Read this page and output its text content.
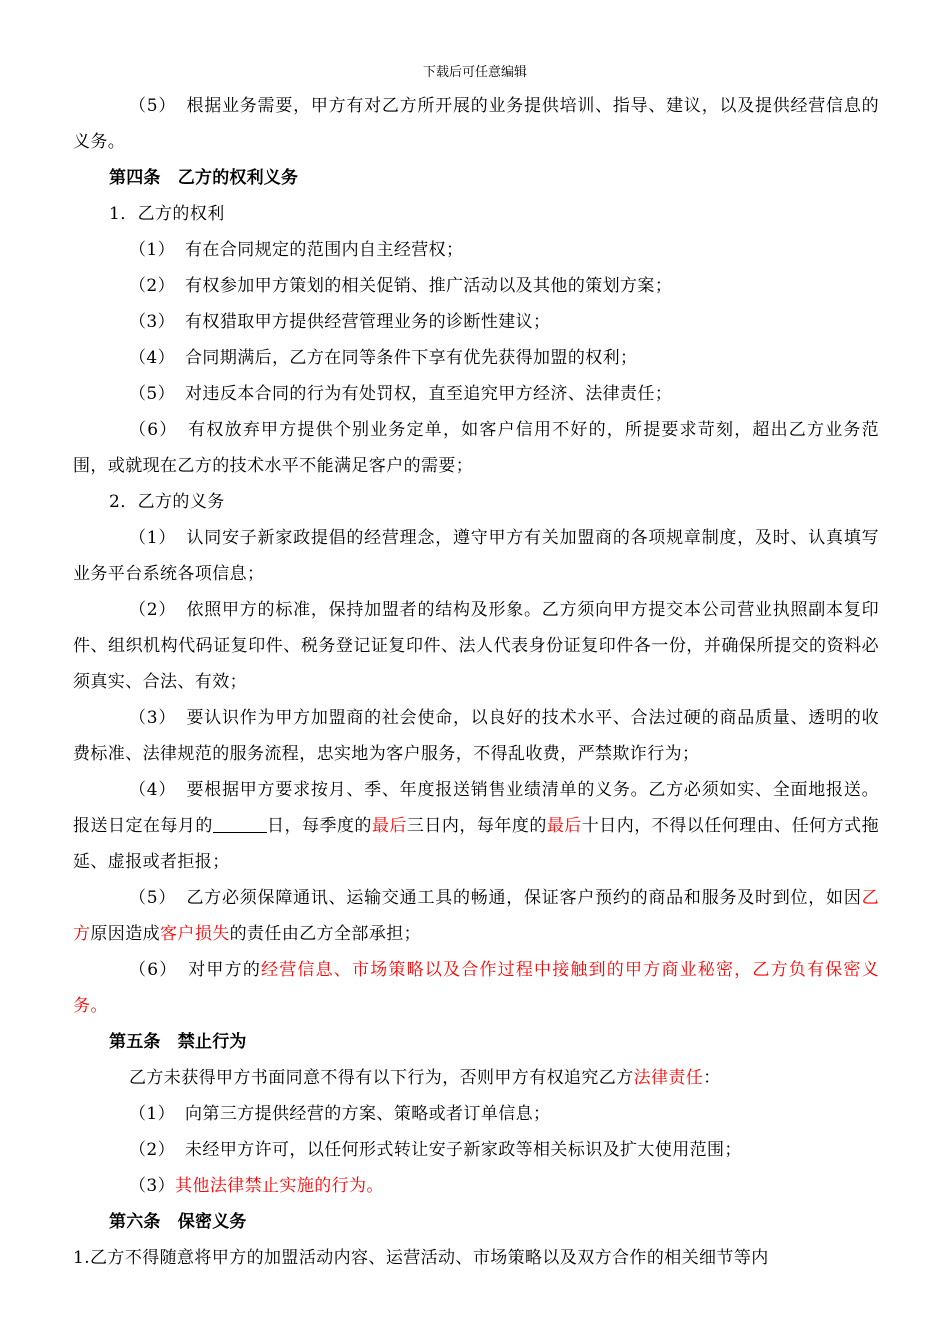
下载后可任意编辑

（5） 根据业务需要，甲方有对乙方所开展的业务提供培训、指导、建议，以及提供经营信息的义务。

第四条　乙方的权利义务

1．乙方的权利

（1） 有在合同规定的范围内自主经营权；

（2） 有权参加甲方策划的相关促销、推广活动以及其他的策划方案；

（3） 有权猎取甲方提供经营管理业务的诊断性建议；

（4） 合同期满后，乙方在同等条件下享有优先获得加盟的权利；

（5） 对违反本合同的行为有处罚权，直至追究甲方经济、法律责任；

（6） 有权放弃甲方提供个别业务定单，如客户信用不好的，所提要求苛刻，超出乙方业务范围，或就现在乙方的技术水平不能满足客户的需要；

2．乙方的义务

（1） 认同安子新家政提倡的经营理念，遵守甲方有关加盟商的各项规章制度，及时、认真填写业务平台系统各项信息；

（2） 依照甲方的标准，保持加盟者的结构及形象。乙方须向甲方提交本公司营业执照副本复印件、组织机构代码证复印件、税务登记证复印件、法人代表身份证复印件各一份，并确保所提交的资料必须真实、合法、有效；

（3） 要认识作为甲方加盟商的社会使命，以良好的技术水平、合法过硬的商品质量、透明的收费标准、法律规范的服务流程，忠实地为客户服务，不得乱收费，严禁欺诈行为；

（4） 要根据甲方要求按月、季、年度报送销售业绩清单的义务。乙方必须如实、全面地报送。报送日定在每月的	日，每季度的最后三日内，每年度的最后十日内，不得以任何理由、任何方式拖延、虚报或者拒报；

（5） 乙方必须保障通讯、运输交通工具的畅通，保证客户预约的商品和服务及时到位，如因乙方原因造成客户损失的责任由乙方全部承担；

（6） 对甲方的经营信息、市场策略以及合作过程中接触到的甲方商业秘密，乙方负有保密义务。

第五条　禁止行为

乙方未获得甲方书面同意不得有以下行为，否则甲方有权追究乙方法律责任：

（1） 向第三方提供经营的方案、策略或者订单信息；

（2） 未经甲方许可，以任何形式转让安子新家政等相关标识及扩大使用范围；

（3）其他法律禁止实施的行为。

第六条　保密义务

1.乙方不得随意将甲方的加盟活动内容、运营活动、市场策略以及双方合作的相关细节等内
